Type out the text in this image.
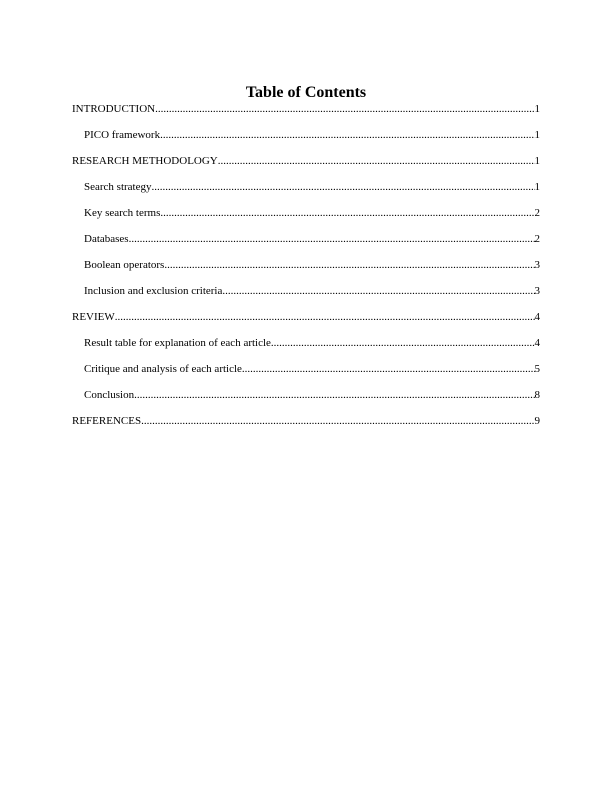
Table of Contents
INTRODUCTION .....	1
PICO framework .....	1
RESEARCH METHODOLOGY .....	1
Search strategy .....	1
Key search terms .....	2
Databases .....	2
Boolean operators .....	3
Inclusion and exclusion criteria .....	3
REVIEW .....	4
Result table for explanation of each article .....	4
Critique and analysis of each article .....	5
Conclusion .....	8
REFERENCES .....	9
